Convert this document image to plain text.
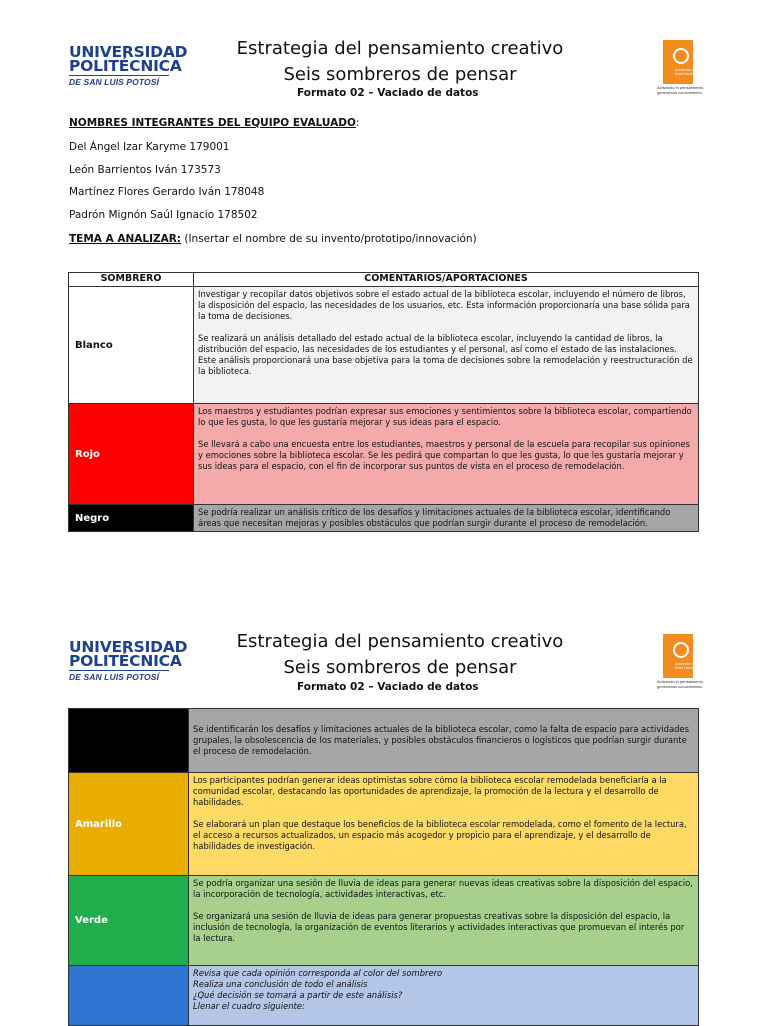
UNIVERSIDAD
POLITÉCNICA
DE SAN LUIS POTOSÍ
Estrategia del pensamiento creativo
Seis sombreros de pensar
Formato 02 – Vaciado de datos
Academia de Artes Diseño
Activando el pensamiento, generamos conocimiento.
NOMBRES INTEGRANTES DEL EQUIPO EVALUADO:
Del Ángel Izar Karyme 179001
León Barrientos Iván 173573
Martínez Flores Gerardo Iván 178048
Padrón Mignón Saúl Ignacio 178502
TEMA A ANALIZAR: (Insertar el nombre de su invento/prototipo/innovación)
SOMBRERO	COMENTARIOS/APORTACIONES
Blanco	Investigar y recopilar datos objetivos sobre el estado actual de la biblioteca escolar, incluyendo el número de libros, la disposición del espacio, las necesidades de los usuarios, etc. Esta información proporcionaría una base sólida para la toma de decisiones.

Se realizará un análisis detallado del estado actual de la biblioteca escolar, incluyendo la cantidad de libros, la distribución del espacio, las necesidades de los estudiantes y el personal, así como el estado de las instalaciones. Este análisis proporcionará una base objetiva para la toma de decisiones sobre la remodelación y reestructuración de la biblioteca.

Rojo	Los maestros y estudiantes podrían expresar sus emociones y sentimientos sobre la biblioteca escolar, compartiendo lo que les gusta, lo que les gustaría mejorar y sus ideas para el espacio.

Se llevará a cabo una encuesta entre los estudiantes, maestros y personal de la escuela para recopilar sus opiniones y emociones sobre la biblioteca escolar. Se les pedirá que compartan lo que les gusta, lo que les gustaría mejorar y sus ideas para el espacio, con el fin de incorporar sus puntos de vista en el proceso de remodelación.

Negro	Se podría realizar un análisis crítico de los desafíos y limitaciones actuales de la biblioteca escolar, identificando áreas que necesitan mejoras y posibles obstáculos que podrían surgir durante el proceso de remodelación.

UNIVERSIDAD
POLITÉCNICA
DE SAN LUIS POTOSÍ
Estrategia del pensamiento creativo
Seis sombreros de pensar
Formato 02 – Vaciado de datos
Academia de Artes Diseño
Activando el pensamiento, generamos conocimiento.

	Se identificarán los desafíos y limitaciones actuales de la biblioteca escolar, como la falta de espacio para actividades grupales, la obsolescencia de los materiales, y posibles obstáculos financieros o logísticos que podrían surgir durante el proceso de remodelación.

Amarillo	Los participantes podrían generar ideas optimistas sobre cómo la biblioteca escolar remodelada beneficiaría a la comunidad escolar, destacando las oportunidades de aprendizaje, la promoción de la lectura y el desarrollo de habilidades.

Se elaborará un plan que destaque los beneficios de la biblioteca escolar remodelada, como el fomento de la lectura, el acceso a recursos actualizados, un espacio más acogedor y propicio para el aprendizaje, y el desarrollo de habilidades de investigación.

Verde	Se podría organizar una sesión de lluvia de ideas para generar nuevas ideas creativas sobre la disposición del espacio, la incorporación de tecnología, actividades interactivas, etc.

Se organizará una sesión de lluvia de ideas para generar propuestas creativas sobre la disposición del espacio, la inclusión de tecnología, la organización de eventos literarios y actividades interactivas que promuevan el interés por la lectura.

	Revisa que cada opinión corresponda al color del sombrero

Realiza una conclusión de todo el análisis

¿Qué decisión se tomará a partir de este análisis?

Llenar el cuadro siguiente:
